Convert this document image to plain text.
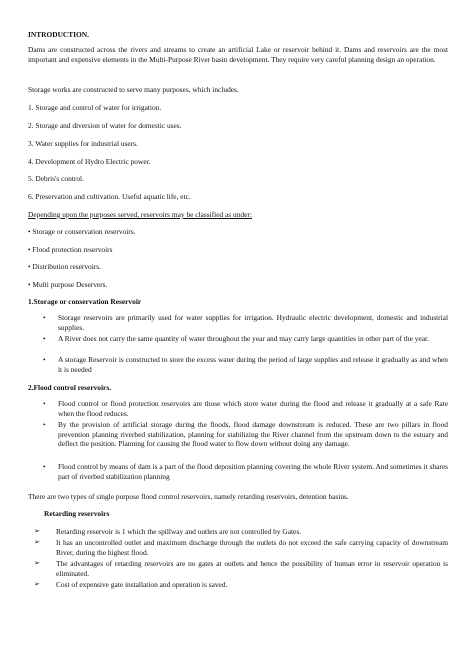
INTRODUCTION.

Dams are constructed across the rivers and streams to create an artificial Lake or reservoir behind it. Dams and reservoirs are the most important and expensive elements in the Multi-Purpose River basin development. They require very careful planning design an operation.

Storage works are constructed to serve many purposes, which includes.

1. Storage and control of water for irrigation.

2. Storage and diversion of water for domestic uses.

3. Water supplies for industrial users.

4. Development of Hydro Electric power.

5. Debris's control.

6. Preservation and cultivation. Useful aquatic life, etc.

Depending upon the purposes served, reservoirs may be classified as under:

• Storage or conservation reservoirs.

• Flood protection reservoirs

• Distribution reservoirs.

• Multi purpose Deservers.

1.Storage or conservation Reservoir

•	Storage reservoirs are primarily used for water supplies for irrigation. Hydraulic electric development, domestic and industrial supplies.
•	A River does not carry the same quantity of water throughout the year and may carry large quantities in other part of the year.
•	A storage Reservoir is constructed to store the excess water during the period of large supplies and release it gradually as and when it is needed

2.Flood control reservoirs.

•	Flood control or flood protection reservoirs are those which store water during the flood and release it gradually at a safe Rate when the flood reduces.
•	By the provision of artificial storage during the floods, flood damage downstream is reduced. These are two pillars in flood prevention planning riverbed stabilization, planning for stabilizing the River channel from the upstream down to the estuary and deflect the position. Planning for causing the flood water to flow down without doing any damage.
•	Flood control by means of dam is a part of the flood deposition planning covering the whole River system. And sometimes it shares part of riverbed stabilization planning

There are two types of single purpose flood control reservoirs, namely retarding reservoirs, detention basins.

Retarding reservoirs

➢ Retarding reservoir is 1 which the spillway and outlets are not controlled by Gates.
➢ It has an uncontrolled outlet and maximum discharge through the outlets do not exceed the safe carrying capacity of downstream River, during the highest flood.
➢ The advantages of retarding reservoirs are no gates at outlets and hence the possibility of human error in reservoir operation is eliminated.
➢ Cost of expensive gate installation and operation is saved.
